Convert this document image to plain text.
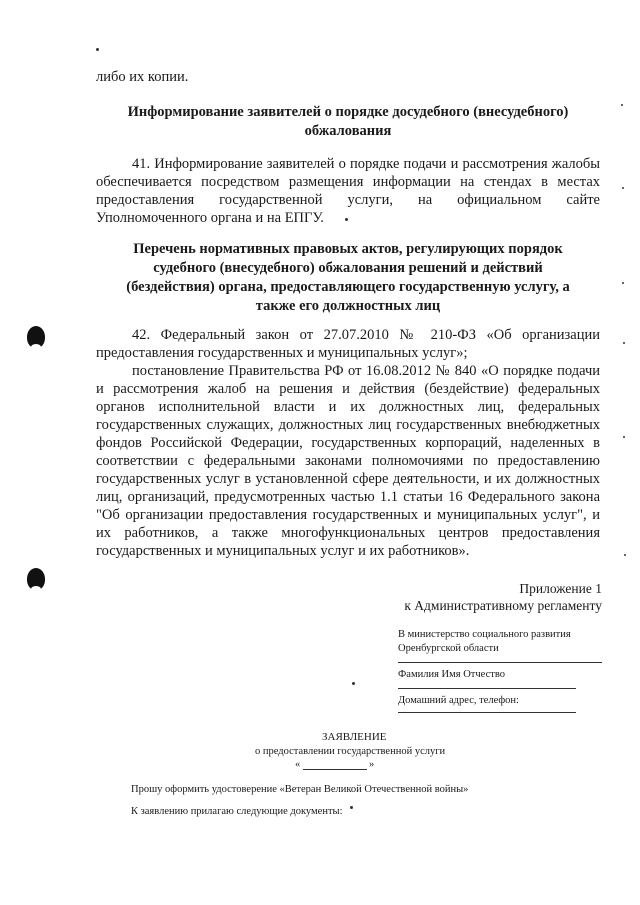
либо их копии.
Информирование заявителей о порядке досудебного (внесудебного)
обжалования
41. Информирование заявителей о порядке подачи и рассмотрения жалобы обеспечивается посредством размещения информации на стендах в местах предоставления государственной услуги, на официальном сайте Уполномоченного органа и на ЕПГУ.
Перечень нормативных правовых актов, регулирующих порядок
судебного (внесудебного) обжалования решений и действий
(бездействия) органа, предоставляющего государственную услугу, а
также его должностных лиц
42. Федеральный закон от 27.07.2010 № 210-ФЗ «Об организации предоставления государственных и муниципальных услуг»;
постановление Правительства РФ от 16.08.2012 № 840 «О порядке подачи и рассмотрения жалоб на решения и действия (бездействие) федеральных органов исполнительной власти и их должностных лиц, федеральных государственных служащих, должностных лиц государственных внебюджетных фондов Российской Федерации, государственных корпораций, наделенных в соответствии с федеральными законами полномочиями по предоставлению государственных услуг в установленной сфере деятельности, и их должностных лиц, организаций, предусмотренных частью 1.1 статьи 16 Федерального закона "Об организации предоставления государственных и муниципальных услуг", и их работников, а также многофункциональных центров предоставления государственных и муниципальных услуг и их работников».
Приложение 1
к Административному регламенту
В министерство социального развития
Оренбургской области
Фамилия Имя Отчество
Домашний адрес, телефон:
ЗАЯВЛЕНИЕ
о предоставлении государственной услуги
«	»
Прошу оформить удостоверение «Ветеран Великой Отечественной войны»
К заявлению прилагаю следующие документы:
